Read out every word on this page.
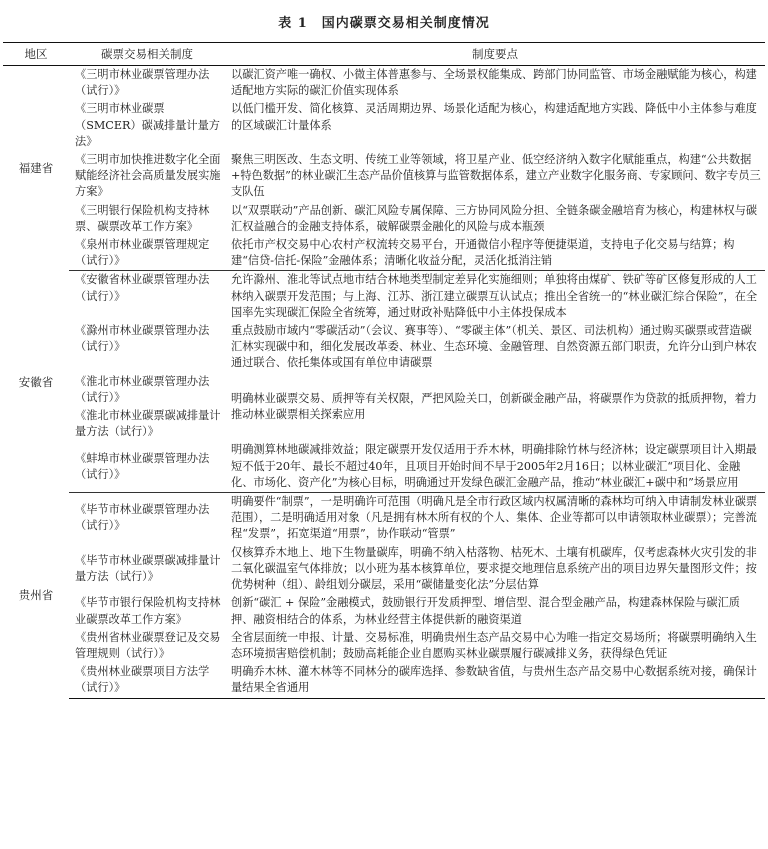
表 1　国内碳票交易相关制度情况
地区	碳票交易相关制度	制度要点
福建省	《三明市林业碳票管理办法（试行）》	以碳汇资产唯一确权、小微主体普惠参与、全场景权能集成、跨部门协同监管、市场金融赋能为核心，构建适配地方实际的碳汇价值实现体系
	《三明市林业碳票（SMCER）碳减排量计量方法》	以低门槛开发、简化核算、灵活周期边界、场景化适配为核心，构建适配地方实践、降低中小主体参与难度的区域碳汇计量体系
	《三明市加快推进数字化全面赋能经济社会高质量发展实施方案》	聚焦三明医改、生态文明、传统工业等领域，将卫星产业、低空经济纳入数字化赋能重点，构建“公共数据+特色数据”的林业碳汇生态产品价值核算与监管数据体系，建立产业数字化服务商、专家顾问、数字专员三支队伍
	《三明银行保险机构支持林票、碳票改革工作方案》	以“双票联动”产品创新、碳汇风险专属保障、三方协同风险分担、全链条碳金融培育为核心，构建林权与碳汇权益融合的金融支持体系，破解碳票金融化的风险与成本瓶颈
	《泉州市林业碳票管理规定（试行）》	依托市产权交易中心农村产权流转交易平台，开通微信小程序等便捷渠道，支持电子化交易与结算；构建“信贷-信托-保险”金融体系；清晰化收益分配，灵活化抵消注销
安徽省	《安徽省林业碳票管理办法（试行）》	允许滁州、淮北等试点地市结合林地类型制定差异化实施细则；单独将由煤矿、铁矿等矿区修复形成的人工林纳入碳票开发范围；与上海、江苏、浙江建立碳票互认试点；推出全省统一的“林业碳汇综合保险”，在全国率先实现碳汇保险全省统筹，通过财政补贴降低中小主体投保成本
	《滁州市林业碳票管理办法（试行）》	重点鼓励市域内“零碳活动”（会议、赛事等）、“零碳主体”（机关、景区、司法机构）通过购买碳票或营造碳汇林实现碳中和，细化发展改革委、林业、生态环境、金融管理、自然资源五部门职责，允许分山到户林农通过联合、依托集体或国有单位申请碳票
	《淮北市林业碳票管理办法（试行）》	明确林业碳票交易、质押等有关权限，严把风险关口，创新碳金融产品，将碳票作为贷款的抵质押物，着力推动林业碳票相关探索应用
	《淮北市林业碳票碳减排量计量方法（试行）》	
	《蚌埠市林业碳票管理办法（试行）》	明确测算林地碳减排效益；限定碳票开发仅适用于乔木林，明确排除竹林与经济林；设定碳票项目计入期最短不低于20年、最长不超过40年，且项目开始时间不早于2005年2月16日；以林业碳汇“项目化、金融化、市场化、资产化”为核心目标，明确通过开发绿色碳汇金融产品，推动“林业碳汇+碳中和”场景应用
贵州省	《毕节市林业碳票管理办法（试行）》	明确要件“制票”，一是明确许可范围（明确凡是全市行政区域内权属清晰的森林均可纳入申请制发林业碳票范围），二是明确适用对象（凡是拥有林木所有权的个人、集体、企业等都可以申请领取林业碳票）；完善流程“发票”，拓宽渠道“用票”，协作联动“管票”
	《毕节市林业碳票碳减排量计量方法（试行）》	仅核算乔木地上、地下生物量碳库，明确不纳入枯落物、枯死木、土壤有机碳库，仅考虑森林火灾引发的非二氧化碳温室气体排放；以小班为基本核算单位，要求提交地理信息系统产出的项目边界矢量图形文件；按优势树种（组）、龄组划分碳层，采用“碳储量变化法”分层估算
	《毕节市银行保险机构支持林业碳票改革工作方案》	创新“碳汇 + 保险”金融模式，鼓励银行开发质押型、增信型、混合型金融产品，构建森林保险与碳汇质押、融资相结合的体系，为林业经营主体提供新的融资渠道
	《贵州省林业碳票登记及交易管理规则（试行）》	全省层面统一申报、计量、交易标准，明确贵州生态产品交易中心为唯一指定交易场所；将碳票明确纳入生态环境损害赔偿机制；鼓励高耗能企业自愿购买林业碳票履行碳减排义务，获得绿色凭证
	《贵州林业碳票项目方法学（试行）》	明确乔木林、灌木林等不同林分的碳库选择、参数缺省值，与贵州生态产品交易中心数据系统对接，确保计量结果全省通用
